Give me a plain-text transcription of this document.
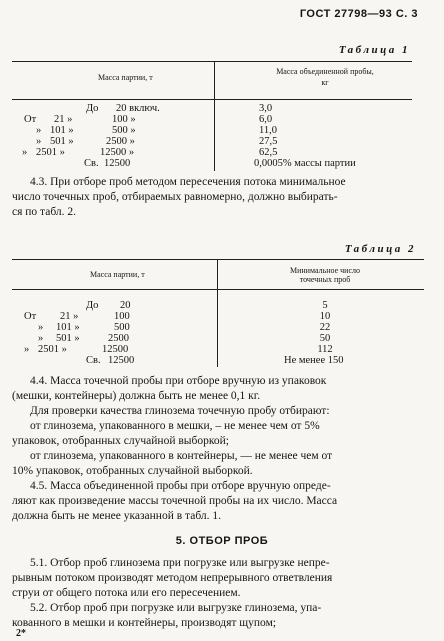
ГОСТ 27798—93 С. 3
Таблица 1
Масса партии, т
Масса объединенной пробы,
кг
До 20 включ.	3,0
От 21 »	100 »	6,0
» 101 »	500 »	11,0
» 501 »	2500 »	27,5
» 2501 »	12500 »	62,5
Св. 12500	0,0005% массы партии
4.3. При отборе проб методом пересечения потока минимальное
число точечных проб, отбираемых равномерно, должно выбирать-
ся по табл. 2.
Таблица 2
Масса партии, т	Минимальное число
точечных проб
До 20	5
От 21 »	100	10
» 101 »	500	22
» 501 »	2500	50
» 2501 »	12500	112
Св. 12500	Не менее 150
4.4. Масса точечной пробы при отборе вручную из упаковок
(мешки, контейнеры) должна быть не менее 0,1 кг.
Для проверки качества глинозема точечную пробу отбирают:
от глинозема, упакованного в мешки, – не менее чем от 5%
упаковок, отобранных случайной выборкой;
от глинозема, упакованного в контейнеры, — не менее чем от
10% упаковок, отобранных случайной выборкой.
4.5. Масса объединенной пробы при отборе вручную опреде-
ляют как произведение массы точечной пробы на их число. Масса
должна быть не менее указанной в табл. 1.
5. ОТБОР ПРОБ
5.1. Отбор проб глинозема при погрузке или выгрузке непре-
рывным потоком производят методом непрерывного ответвления
струи от общего потока или его пересечением.
5.2. Отбор проб при погрузке или выгрузке глинозема, упа-
кованного в мешки и контейнеры, производят щупом;
2*
